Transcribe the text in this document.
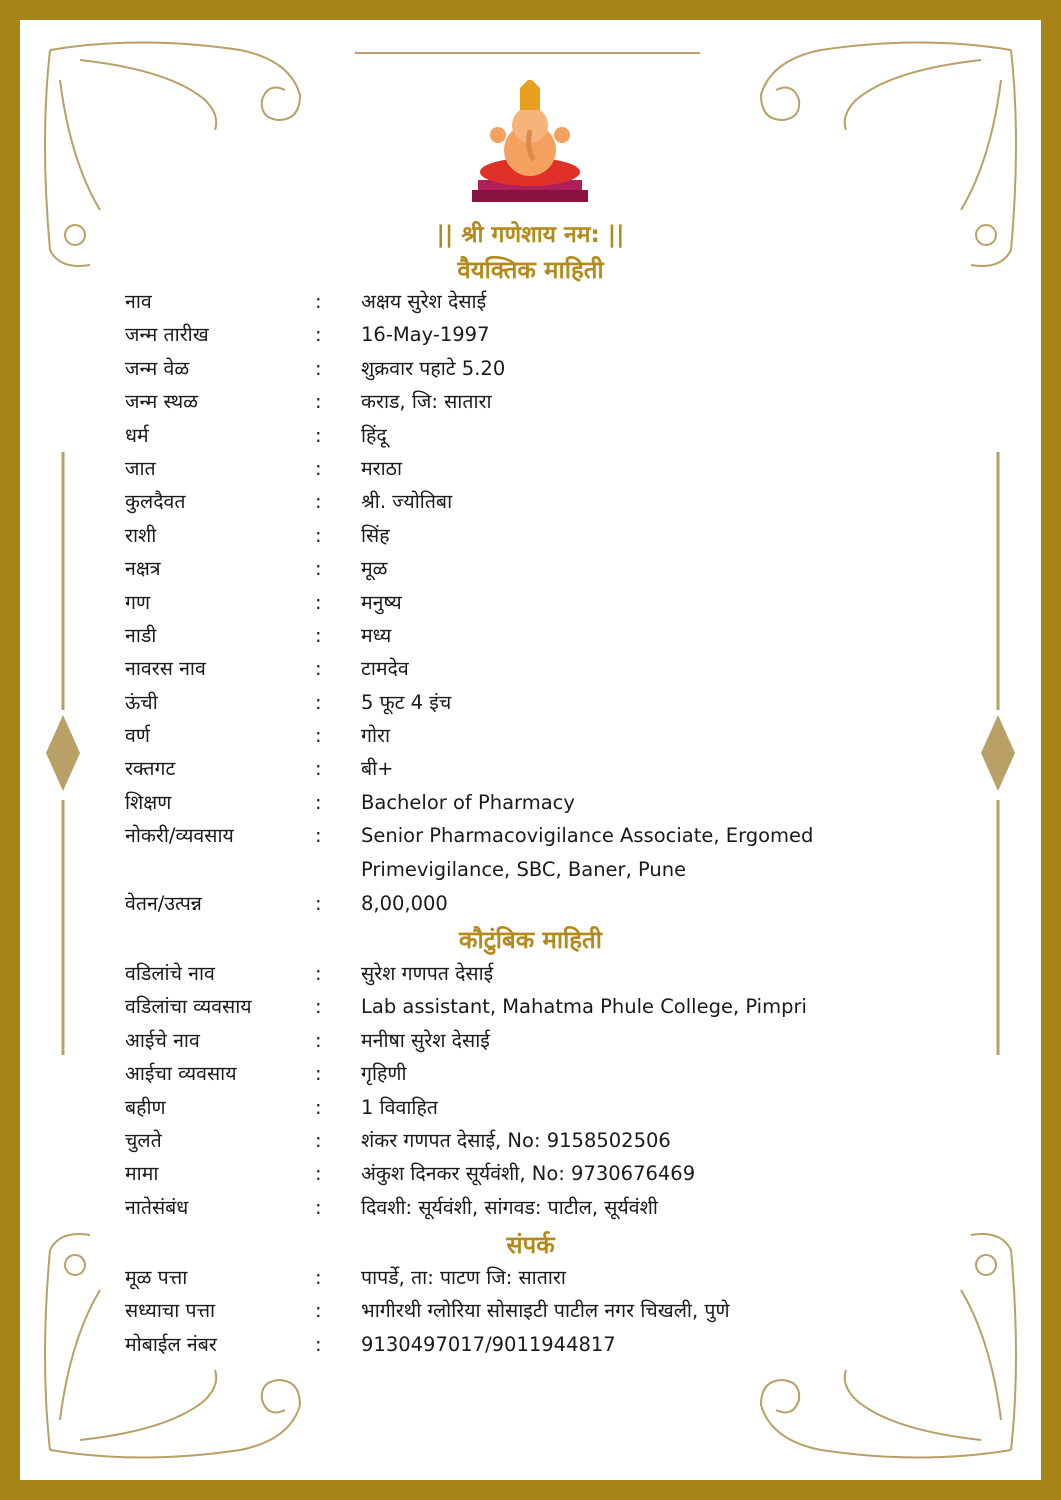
|| श्री गणेशाय नम: ||
वैयक्तिक माहिती
नाव	:	अक्षय सुरेश देसाई
जन्म तारीख	:	16-May-1997
जन्म वेळ	:	शुक्रवार पहाटे 5.20
जन्म स्थळ	:	कराड, जि: सातारा
धर्म	:	हिंदू
जात	:	मराठा
कुलदैवत	:	श्री. ज्योतिबा
राशी	:	सिंह
नक्षत्र	:	मूळ
गण	:	मनुष्य
नाडी	:	मध्य
नावरस नाव	:	टामदेव
ऊंची	:	5 फूट 4 इंच
वर्ण	:	गोरा
रक्तगट	:	बी+
शिक्षण	:	Bachelor of Pharmacy
नोकरी/व्यवसाय	:	Senior Pharmacovigilance Associate, Ergomed Primevigilance, SBC, Baner, Pune
वेतन/उत्पन्न	:	8,00,000
कौटुंबिक माहिती
वडिलांचे नाव	:	सुरेश गणपत देसाई
वडिलांचा व्यवसाय	:	Lab assistant, Mahatma Phule College, Pimpri
आईचे नाव	:	मनीषा सुरेश देसाई
आईचा व्यवसाय	:	गृहिणी
बहीण	:	1 विवाहित
चुलते	:	शंकर गणपत देसाई, No: 9158502506
मामा	:	अंकुश दिनकर सूर्यवंशी, No: 9730676469
नातेसंबंध	:	दिवशी: सूर्यवंशी, सांगवड: पाटील, सूर्यवंशी
संपर्क
मूळ पत्ता	:	पापर्डे, ता: पाटण जि: सातारा
सध्याचा पत्ता	:	भागीरथी ग्लोरिया सोसाइटी पाटील नगर चिखली, पुणे
मोबाईल नंबर	:	9130497017/9011944817
